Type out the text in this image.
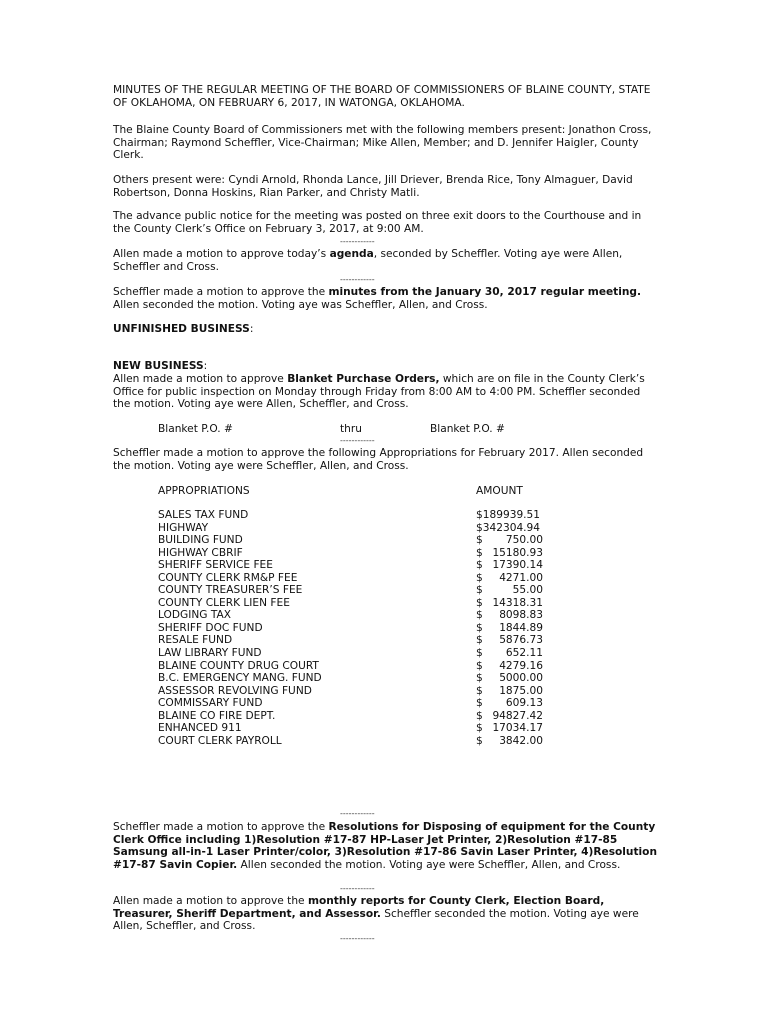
MINUTES OF THE REGULAR MEETING OF THE BOARD OF COMMISSIONERS OF BLAINE COUNTY, STATE OF OKLAHOMA, ON FEBRUARY 6, 2017, IN WATONGA, OKLAHOMA.

The Blaine County Board of Commissioners met with the following members present: Jonathon Cross, Chairman; Raymond Scheffler, Vice-Chairman; Mike Allen, Member; and D. Jennifer Haigler, County Clerk.

Others present were: Cyndi Arnold, Rhonda Lance, Jill Driever, Brenda Rice, Tony Almaguer, David Robertson, Donna Hoskins, Rian Parker, and Christy Matli.

The advance public notice for the meeting was posted on three exit doors to the Courthouse and in the County Clerk’s Office on February 3, 2017, at 9:00 AM.

------------

Allen made a motion to approve today’s agenda, seconded by Scheffler. Voting aye were Allen, Scheffler and Cross.

------------

Scheffler made a motion to approve the minutes from the January 30, 2017 regular meeting. Allen seconded the motion. Voting aye was Scheffler, Allen, and Cross.

UNFINISHED BUSINESS:

NEW BUSINESS:

Allen made a motion to approve Blanket Purchase Orders, which are on file in the County Clerk’s Office for public inspection on Monday through Friday from 8:00 AM to 4:00 PM. Scheffler seconded the motion. Voting aye were Allen, Scheffler, and Cross.

Blanket P.O. #	thru	Blanket P.O. #
------------

Scheffler made a motion to approve the following Appropriations for February 2017. Allen seconded the motion. Voting aye were Scheffler, Allen, and Cross.

APPROPRIATIONS	AMOUNT
SALES TAX FUND	$189939.51
HIGHWAY	$342304.94
BUILDING FUND	$	750.00
HIGHWAY CBRIF	$ 15180.93
SHERIFF SERVICE FEE	$ 17390.14
COUNTY CLERK RM&P FEE	$	4271.00
COUNTY TREASURER’S FEE	$	55.00
COUNTY CLERK LIEN FEE	$ 14318.31
LODGING TAX	$	8098.83
SHERIFF DOC FUND	$	1844.89
RESALE FUND	$	5876.73
LAW LIBRARY FUND	$	652.11
BLAINE COUNTY DRUG COURT	$	4279.16
B.C. EMERGENCY MANG. FUND	$	5000.00
ASSESSOR REVOLVING FUND	$	1875.00
COMMISSARY FUND	$	609.13
BLAINE CO FIRE DEPT.	$ 94827.42
ENHANCED 911	$ 17034.17
COURT CLERK PAYROLL	$	3842.00
------------

Scheffler made a motion to approve the Resolutions for Disposing of equipment for the County Clerk Office including 1)Resolution #17-87 HP-Laser Jet Printer, 2)Resolution #17-85 Samsung all-in-1 Laser Printer/color, 3)Resolution #17-86 Savin Laser Printer, 4)Resolution #17-87 Savin Copier. Allen seconded the motion. Voting aye were Scheffler, Allen, and Cross.

------------

Allen made a motion to approve the monthly reports for County Clerk, Election Board, Treasurer, Sheriff Department, and Assessor. Scheffler seconded the motion. Voting aye were Allen, Scheffler, and Cross.

------------
